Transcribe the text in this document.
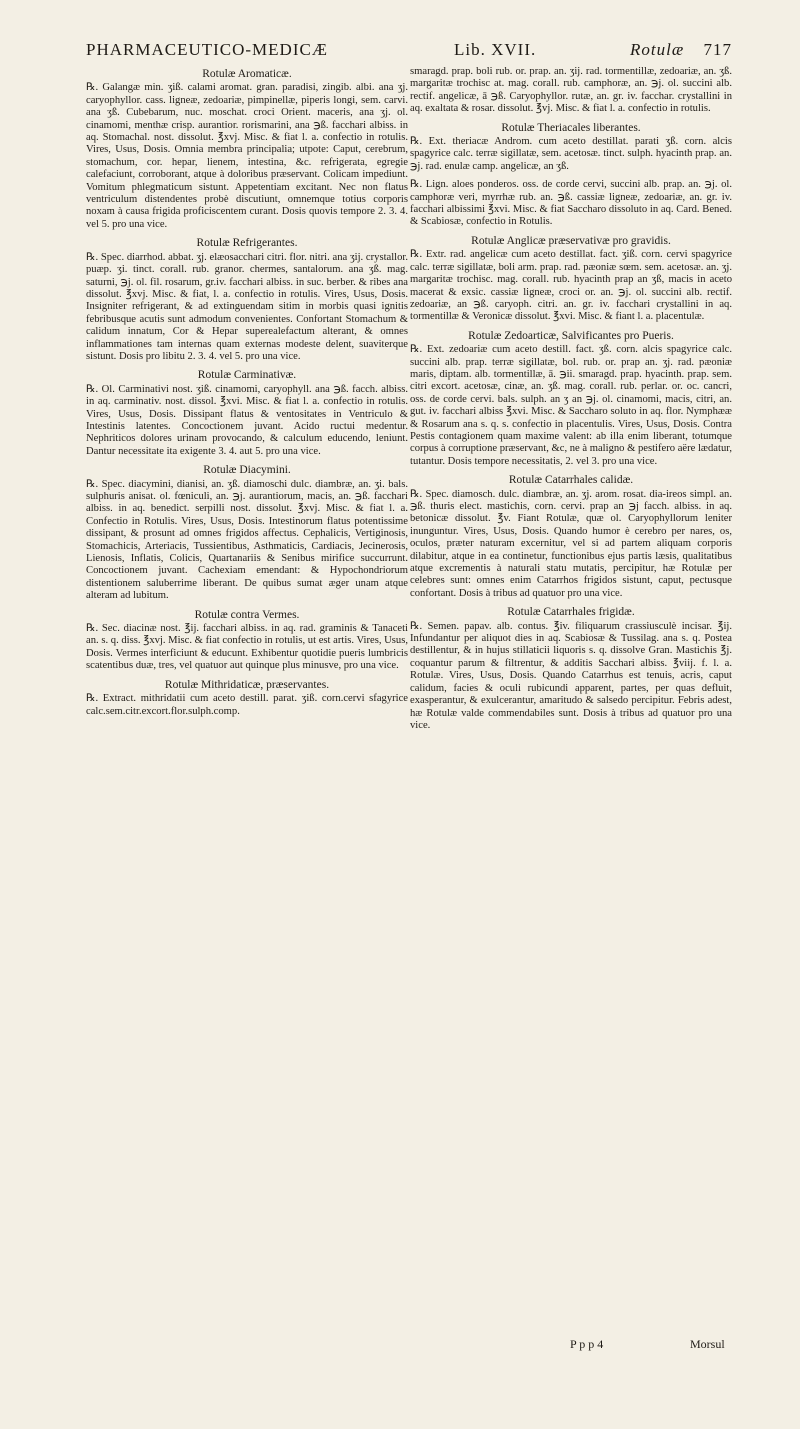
PHARMACEUTICO-MEDICÆ	Lib. XVII.	Rotulæ 717
Rotulæ Aromaticæ.

℞. Galangæ min. ʒiß. calami aromat. gran. paradisi, zingib. albi. ana ʒj. caryophyllor. cass. ligneæ, zedoariæ, pimpinellæ, piperis longi, sem. carvi. ana ʒß. Cubebarum, nuc. moschat. croci Orient. maceris, ana ʒj. ol. cinamomi, menthæ crisp. aurantior. rorismarini, ana ℈ß. facchari albiss. in aq. Stomachal. nost. dissolut. ℥xvj. Misc. & fiat l. a. confectio in rotulis. Vires, Usus, Dosis. Omnia membra principalia; utpote: Caput, cerebrum, stomachum, cor. hepar, lienem, intestina, &c. refrigerata, egregie calefaciunt, corroborant, atque à doloribus præservant. Colicam impediunt. Vomitum phlegmaticum sistunt. Appetentiam excitant. Nec non flatus ventriculum distendentes probè discutiunt, omnemque totius corporis noxam à causa frigida proficiscentem curant. Dosis quovis tempore 2. 3. 4. vel 5. pro una vice.

Rotulæ Refrigerantes.

℞. Spec. diarrhod. abbat. ʒj. elæosacchari citri. flor. nitri. ana ʒij. crystallor. puæp. ʒi. tinct. corall. rub. granor. chermes, santalorum. ana ʒß. mag. saturni, ℈j. ol. fil. rosarum, gr.iv. facchari albiss. in suc. berber. & ribes ana dissolut. ℥xvj. Misc. & fiat, l. a. confectio in rotulis. Vires, Usus, Dosis. Insigniter refrigerant, & ad extinguendam sitim in morbis quasi ignitis febribusque acutis sunt admodum convenientes. Confortant Stomachum & calidum innatum, Cor & Hepar superealefactum alterant, & omnes inflammationes tam internas quam externas modeste delent, suaviterque sistunt. Dosis pro libitu 2. 3. 4. vel 5. pro una vice.

Rotulæ Carminativæ.

℞. Ol. Carminativi nost. ʒiß. cinamomi, caryophyll. ana ℈ß. facch. albiss. in aq. carminativ. nost. dissol. ℥xvi. Misc. & fiat l. a. confectio in rotulis. Vires, Usus, Dosis. Dissipant flatus & ventositates in Ventriculo & Intestinis latentes. Concoctionem juvant. Acido ructui medentur. Nephriticos dolores urinam provocando, & calculum educendo, leniunt. Dantur necessitate ita exigente 3. 4. aut 5. pro una vice.

Rotulæ Diacymini.

℞. Spec. diacymini, dianisi, an. ʒß. diamoschi dulc. diambræ, an. ʒi. bals. sulphuris anisat. ol. fœniculi, an. ℈j. aurantiorum, macis, an. ℈ß. facchari albiss. in aq. benedict. serpilli nost. dissolut. ℥xvj. Misc. & fiat l. a. Confectio in Rotulis. Vires, Usus, Dosis. Intestinorum flatus potentissime dissipant, & prosunt ad omnes frigidos affectus. Cephalicis, Vertiginosis, Stomachicis, Arteriacis, Tussientibus, Asthmaticis, Cardiacis, Jecinerosis, Lienosis, Inflatis, Colicis, Quartanariis & Senibus mirifice succurrunt. Concoctionem juvant. Cachexiam emendant: & Hypochondriorum distentionem saluberrime liberant. De quibus sumat æger unam atque alteram ad lubitum.

Rotulæ contra Vermes.

℞. Sec. diacinæ nost. ℥ij. facchari albiss. in aq. rad. graminis & Tanaceti an. s. q. diss. ℥xvj. Misc. & fiat confectio in rotulis, ut est artis. Vires, Usus, Dosis. Vermes interficiunt & educunt. Exhibentur quotidie pueris lumbricis scatentibus duæ, tres, vel quatuor aut quinque plus minusve, pro una vice.

Rotulæ Mithridaticæ, præservantes.

℞. Extract. mithridatii cum aceto destill. parat. ʒiß. corn.cervi sfagyrice calc.sem.citr.excort.flor.sulph.comp.

smaragd. prap. boli rub. or. prap. an. ʒij. rad. tormentillæ, zedoariæ, an. ʒß. margaritæ trochisc at. mag. corall. rub. camphoræ, an. ℈j. ol. succini alb. rectif. angelicæ, ā ℈ß. Caryophyllor. rutæ, an. gr. iv. facchar. crystallini in aq. exaltata & rosar. dissolut. ℥vj. Misc. & fiat l. a. confectio in rotulis.

Rotulæ Theriacales liberantes.

℞. Ext. theriacæ Androm. cum aceto destillat. parati ʒß. corn. alcis spagyrice calc. terræ sigillatæ, sem. acetosæ. tinct. sulph. hyacinth prap. an. ℈j. rad. enulæ camp. angelicæ, an ʒß.

℞. Lign. aloes ponderos. oss. de corde cervi, succini alb. prap. an. ℈j. ol. camphoræ veri, myrrhæ rub. an. ℈ß. cassiæ ligneæ, zedoariæ, an. gr. iv. facchari albissimi ℥xvi. Misc. & fiat Saccharo dissoluto in aq. Card. Bened. & Scabiosæ, confectio in Rotulis.

Rotulæ Anglicæ præservativæ pro gravidis.

℞. Extr. rad. angelicæ cum aceto destillat. fact. ʒiß. corn. cervi spagyrice calc. terræ sigillatæ, boli arm. prap. rad. pæoniæ sœm. sem. acetosæ. an. ʒj. margaritæ trochisc. mag. corall. rub. hyacinth prap an ʒß, macis in aceto macerat & exsic. cassiæ ligneæ, croci or. an. ℈j. ol. succini alb. rectif. zedoariæ, an ℈ß. caryoph. citri. an. gr. iv. facchari crystallini in aq. tormentillæ & Veronicæ dissolut. ℥xvi. Misc. & fiant l. a. placentulæ.

Rotulæ Zedoarticæ, Salvificantes pro Pueris.

℞. Ext. zedoariæ cum aceto destill. fact. ʒß. corn. alcis spagyrice calc. succini alb. prap. terræ sigillatæ, bol. rub. or. prap an. ʒj. rad. pæoniæ maris, diptam. alb. tormentillæ, ā. ℈ii. smaragd. prap. hyacinth. prap. sem. citri excort. acetosæ, cinæ, an. ʒß. mag. corall. rub. perlar. or. oc. cancri, oss. de corde cervi. bals. sulph. an ʒ an ℈j. ol. cinamomi, macis, citri, an. gut. iv. facchari albiss ℥xvi. Misc. & Saccharo soluto in aq. flor. Nymphææ & Rosarum ana s. q. s. confectio in placentulis. Vires, Usus, Dosis. Contra Pestis contagionem quam maxime valent: ab illa enim liberant, totumque corpus à corruptione præservant, &c, ne à maligno & pestifero aëre lædatur, tutantur. Dosis tempore necessitatis, 2. vel 3. pro una vice.

Rotulæ Catarrhales calidæ.

℞. Spec. diamosch. dulc. diambræ, an. ʒj. arom. rosat. dia-ireos simpl. an. ℈ß. thuris elect. mastichis, corn. cervi. prap an ℈j facch. albiss. in aq. betonicæ dissolut. ℥v. Fiant Rotulæ, quæ ol. Caryophyllorum leniter inunguntur. Vires, Usus, Dosis. Quando humor è cerebro per nares, os, oculos, præter naturam excernitur, vel si ad partem aliquam corporis dilabitur, atque in ea continetur, functionibus ejus partis læsis, qualitatibus atque excrementis à naturali statu mutatis, percipitur, hæ Rotulæ per celebres sunt: omnes enim Catarrhos frigidos sistunt, caput, pectusque confortant. Dosis à tribus ad quatuor pro una vice.

Rotulæ Catarrhales frigidæ.

℞. Semen. papav. alb. contus. ℥iv. filiquarum crassiusculè incisar. ℥ij. Infundantur per aliquot dies in aq. Scabiosæ & Tussilag. ana s. q. Postea destillentur, & in hujus stillaticii liquoris s. q. dissolve Gran. Mastichis ℥j. coquantur parum & filtrentur, & additis Sacchari albiss. ℥viij. f. l. a. Rotulæ. Vires, Usus, Dosis. Quando Catarrhus est tenuis, acris, caput calidum, facies & oculi rubicundi apparent, partes, per quas defluit, exasperantur, & exulcerantur, amaritudo & salsedo percipitur. Febris adest, hæ Rotulæ valde commendabiles sunt. Dosis à tribus ad quatuor pro una vice.

P p p 4	Morsul
